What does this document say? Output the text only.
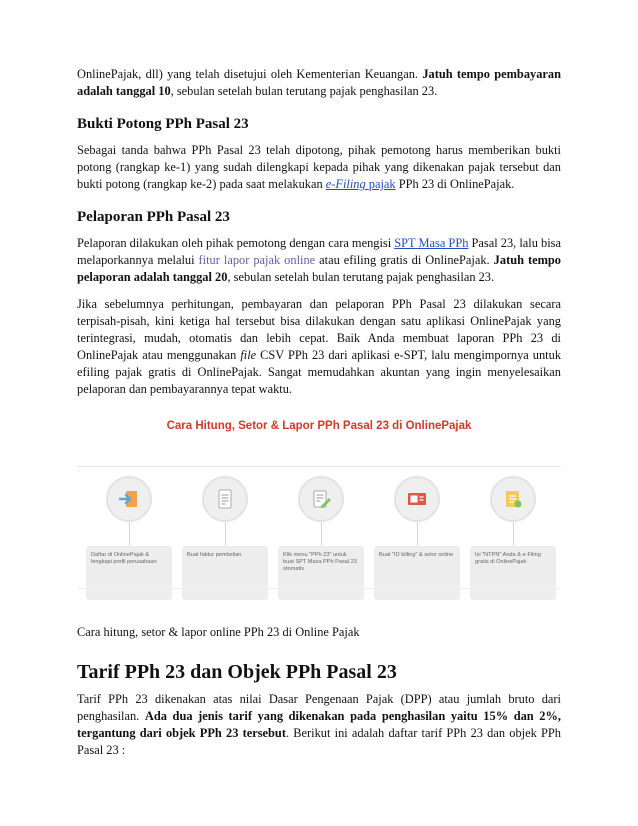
OnlinePajak, dll) yang telah disetujui oleh Kementerian Keuangan. Jatuh tempo pembayaran adalah tanggal 10, sebulan setelah bulan terutang pajak penghasilan 23.

Bukti Potong PPh Pasal 23

Sebagai tanda bahwa PPh Pasal 23 telah dipotong, pihak pemotong harus memberikan bukti potong (rangkap ke-1) yang sudah dilengkapi kepada pihak yang dikenakan pajak tersebut dan bukti potong (rangkap ke-2) pada saat melakukan e-Filing pajak PPh 23 di OnlinePajak.

Pelaporan PPh Pasal 23

Pelaporan dilakukan oleh pihak pemotong dengan cara mengisi SPT Masa PPh Pasal 23, lalu bisa melaporkannya melalui fitur lapor pajak online atau efiling gratis di OnlinePajak. Jatuh tempo pelaporan adalah tanggal 20, sebulan setelah bulan terutang pajak penghasilan 23.

Jika sebelumnya perhitungan, pembayaran dan pelaporan PPh Pasal 23 dilakukan secara terpisah-pisah, kini ketiga hal tersebut bisa dilakukan dengan satu aplikasi OnlinePajak yang terintegrasi, mudah, otomatis dan lebih cepat. Baik Anda membuat laporan PPh 23 di OnlinePajak atau menggunakan file CSV PPh 23 dari aplikasi e-SPT, lalu mengimpornya untuk efiling pajak gratis di OnlinePajak. Sangat memudahkan akuntan yang ingin menyelesaikan pelaporan dan pembayarannya tepat waktu.

Cara Hitung, Setor & Lapor PPh Pasal 23 di OnlinePajak
Daftar di OnlinePajak & lengkapi profil perusahaan
Buat faktur pembelian	Klik menu "PPh 23" untuk buat SPT Masa PPh Pasal 23 otomatis
Buat "ID billing" & setor online	Isi "NTPN" Anda & e-Filing gratis di OnlinePajak

Cara hitung, setor & lapor online PPh 23 di Online Pajak

Tarif PPh 23 dan Objek PPh Pasal 23

Tarif PPh 23 dikenakan atas nilai Dasar Pengenaan Pajak (DPP) atau jumlah bruto dari penghasilan. Ada dua jenis tarif yang dikenakan pada penghasilan yaitu 15% dan 2%, tergantung dari objek PPh 23 tersebut. Berikut ini adalah daftar tarif PPh 23 dan objek PPh Pasal 23 :
